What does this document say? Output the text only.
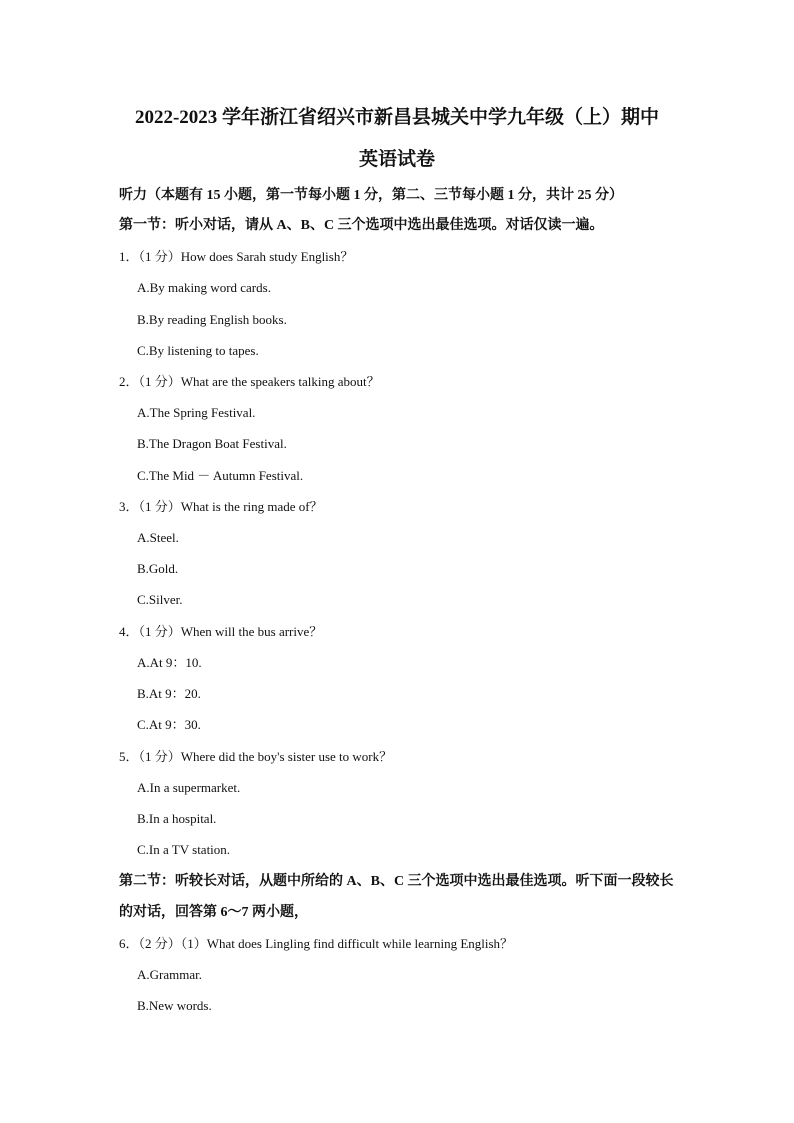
2022-2023 学年浙江省绍兴市新昌县城关中学九年级（上）期中
英语试卷
听力（本题有 15 小题，第一节每小题 1 分，第二、三节每小题 1 分，共计 25 分）
第一节：听小对话，请从 A、B、C 三个选项中选出最佳选项。对话仅读一遍。
1．（1 分）How does Sarah study English？
A.By making word cards.
B.By reading English books.
C.By listening to tapes.
2．（1 分）What are the speakers talking about？
A.The Spring Festival.
B.The Dragon Boat Festival.
C.The Mid － Autumn Festival.
3．（1 分）What is the ring made of？
A.Steel.
B.Gold.
C.Silver.
4．（1 分）When will the bus arrive？
A.At 9：10.
B.At 9：20.
C.At 9：30.
5．（1 分）Where did the boy's sister use to work？
A.In a supermarket.
B.In a hospital.
C.In a TV station.
第二节：听较长对话，从题中所给的 A、B、C 三个选项中选出最佳选项。听下面一段较长
的对话，回答第 6～7 两小题，
6．（2 分）（1）What does Lingling find difficult while learning English？
A.Grammar.
B.New words.
